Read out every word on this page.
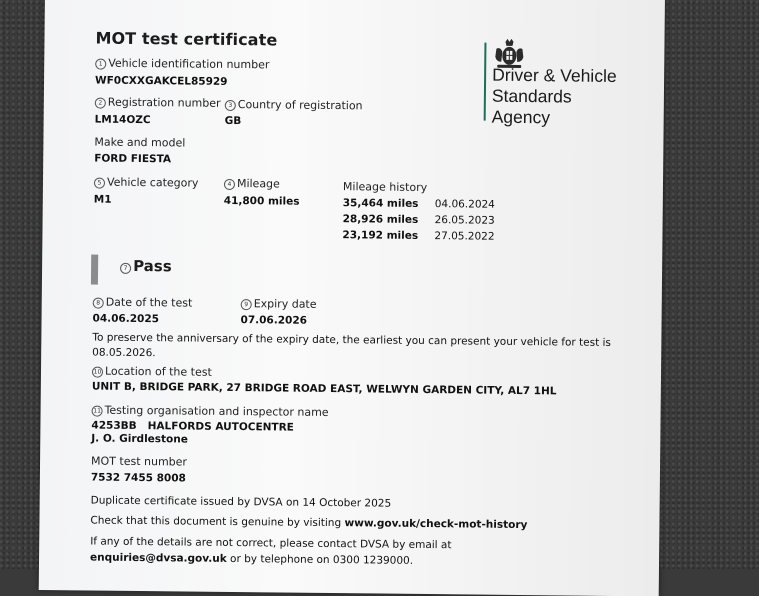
MOT test certificate
1 Vehicle identification number
WF0CXXGAKCEL85929
2 Registration number
LM14OZC
3 Country of registration
GB
Make and model
FORD FIESTA
5 Vehicle category
M1
4 Mileage
41,800 miles
Mileage history
35,464 miles 04.06.2024
28,926 miles 26.05.2023
23,192 miles 27.05.2022
7 Pass
8 Date of the test
04.06.2025
9 Expiry date
07.06.2026
To preserve the anniversary of the expiry date, the earliest you can present your vehicle for test is
08.05.2026.
10 Location of the test
UNIT B, BRIDGE PARK, 27 BRIDGE ROAD EAST, WELWYN GARDEN CITY, AL7 1HL
11 Testing organisation and inspector name
4253BB   HALFORDS AUTOCENTRE
J. O. Girdlestone
MOT test number
7532 7455 8008
Duplicate certificate issued by DVSA on 14 October 2025
Check that this document is genuine by visiting www.gov.uk/check-mot-history
If any of the details are not correct, please contact DVSA by email at
enquiries@dvsa.gov.uk or by telephone on 0300 1239000.
Driver & Vehicle
Standards
Agency
